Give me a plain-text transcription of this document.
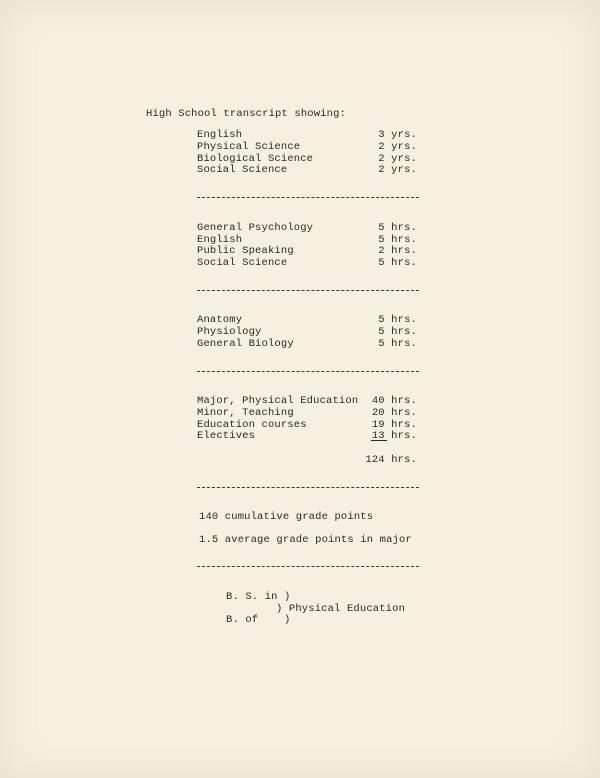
High School transcript showing:
English	3 yrs.
Physical Science	2 yrs.
Biological Science	2 yrs.
Social Science	2 yrs.
General Psychology	5 hrs.
English	5 hrs.
Public Speaking	2 hrs.
Social Science	5 hrs.
Anatomy	5 hrs.
Physiology	5 hrs.
General Biology	5 hrs.
Major, Physical Education	40 hrs.
Minor, Teaching	20 hrs.
Education courses	19 hrs.
Electives	13 hrs.
124 hrs.
140 cumulative grade points
1.5 average grade points in major
B. S. in )
) Physical Education
B. of    )
